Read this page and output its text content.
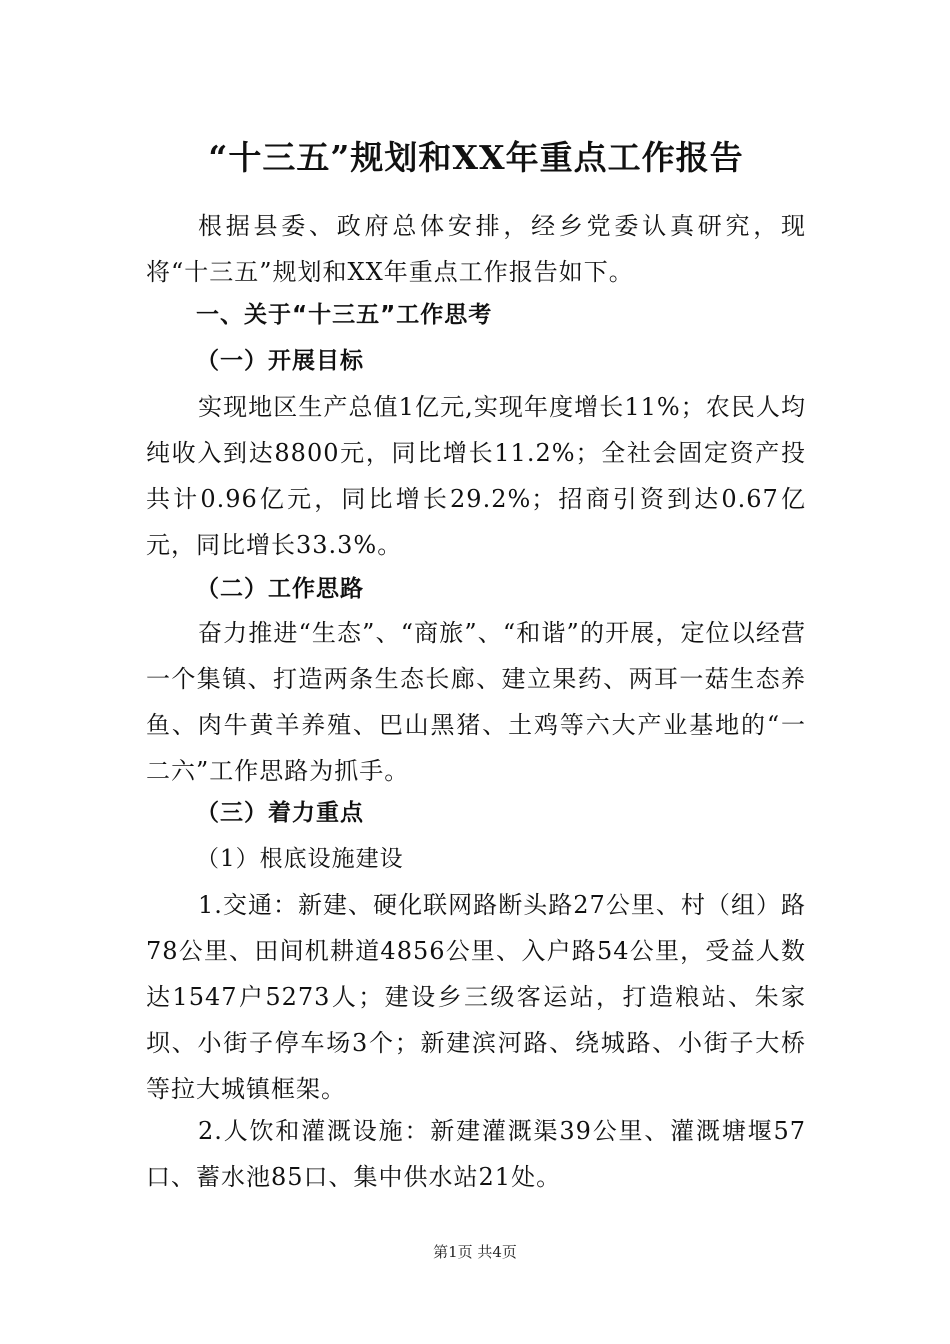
“十三五”规划和XX年重点工作报告
根据县委、政府总体安排，经乡党委认真研究，现将“十三五”规划和XX年重点工作报告如下。
一、关于“十三五”工作思考
（一）开展目标
实现地区生产总值1亿元,实现年度增长11%；农民人均纯收入到达8800元，同比增长11.2%；全社会固定资产投共计0.96亿元，同比增长29.2%；招商引资到达0.67亿元，同比增长33.3%。
（二）工作思路
奋力推进“生态”、“商旅”、“和谐”的开展，定位以经营一个集镇、打造两条生态长廊、建立果药、两耳一菇生态养鱼、肉牛黄羊养殖、巴山黑猪、土鸡等六大产业基地的“一二六”工作思路为抓手。
（三）着力重点
（1）根底设施建设
1.交通：新建、硬化联网路断头路27公里、村（组）路78公里、田间机耕道4856公里、入户路54公里，受益人数达1547户5273人；建设乡三级客运站，打造粮站、朱家坝、小街子停车场3个；新建滨河路、绕城路、小街子大桥等拉大城镇框架。
2.人饮和灌溉设施：新建灌溉渠39公里、灌溉塘堰57口、蓄水池85口、集中供水站21处。
第1页 共4页
